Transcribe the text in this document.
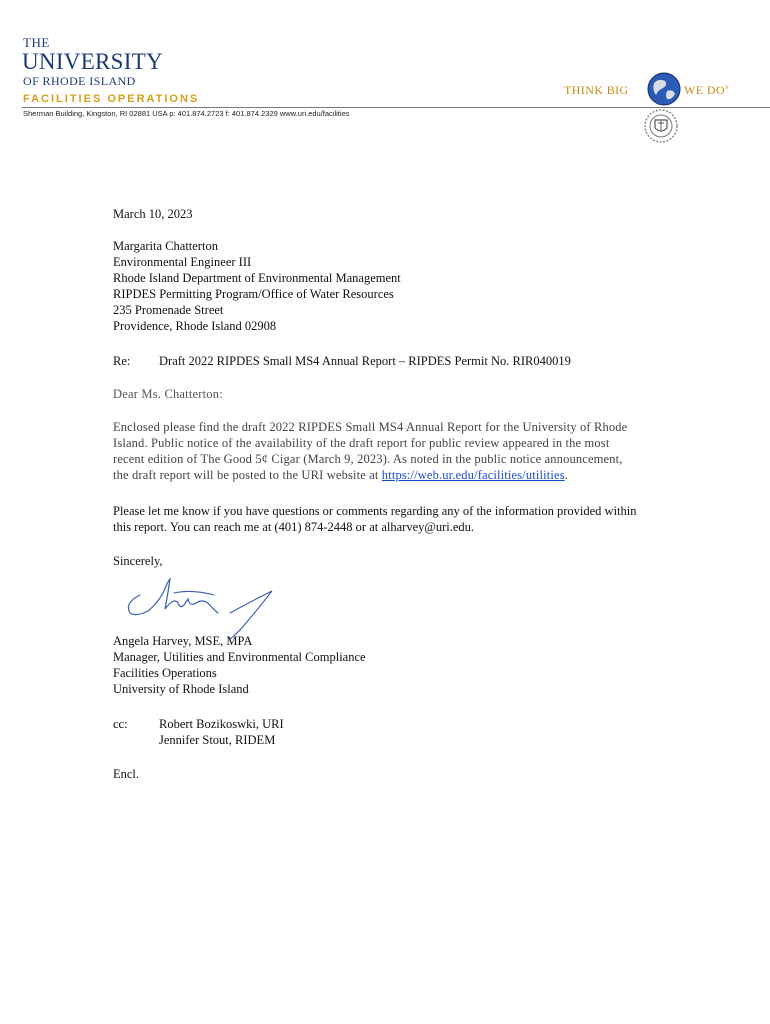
THE
UNIVERSITY
OF RHODE ISLAND
FACILITIES OPERATIONS
Sherman Building, Kingston, RI 02881 USA p: 401.874.2723 f: 401.874.2329 www.uri.edu/facilities
THINK BIG	WE DO®
March 10, 2023
Margarita Chatterton
Environmental Engineer III
Rhode Island Department of Environmental Management
RIPDES Permitting Program/Office of Water Resources
235 Promenade Street
Providence, Rhode Island 02908
Re: Draft 2022 RIPDES Small MS4 Annual Report – RIPDES Permit No. RIR040019
Dear Ms. Chatterton:
Enclosed please find the draft 2022 RIPDES Small MS4 Annual Report for the University of Rhode
Island. Public notice of the availability of the draft report for public review appeared in the most
recent edition of The Good 5¢ Cigar (March 9, 2023). As noted in the public notice announcement,
the draft report will be posted to the URI website at https://web.ur.edu/facilities/utilities.
Please let me know if you have questions or comments regarding any of the information provided within
this report. You can reach me at (401) 874-2448 or at alharvey@uri.edu.
Sincerely,
Angela Harvey, MSE, MPA
Manager, Utilities and Environmental Compliance
Facilities Operations
University of Rhode Island
cc:	Robert Bozikoswki, URI
Jennifer Stout, RIDEM
Encl.
